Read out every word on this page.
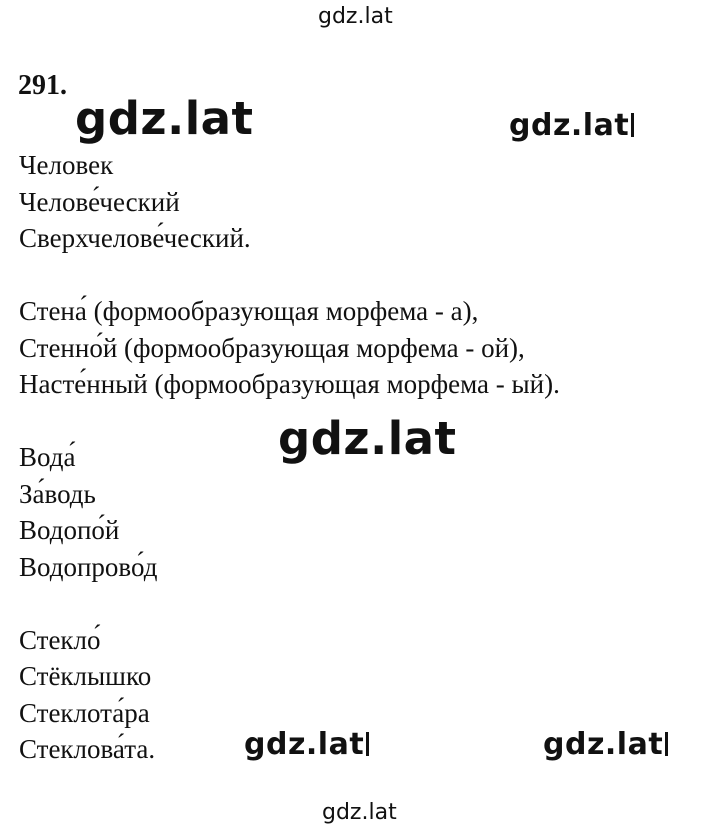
gdz.lat
291.
gdz.lat	gdz.lat
Человек
Челове́ческий
Сверхчелове́ческий.
Стена́ (формообразующая морфема - а),
Стенно́й (формообразующая морфема - ой),
Насте́нный (формообразующая морфема - ый).
Вода́
За́водь
Водопо́й
Водопрово́д
Стекло́
Стёклышко
Стеклота́ра
Стеклова́та.
gdz.lat
gdz.lat	gdz.lat
gdz.lat
